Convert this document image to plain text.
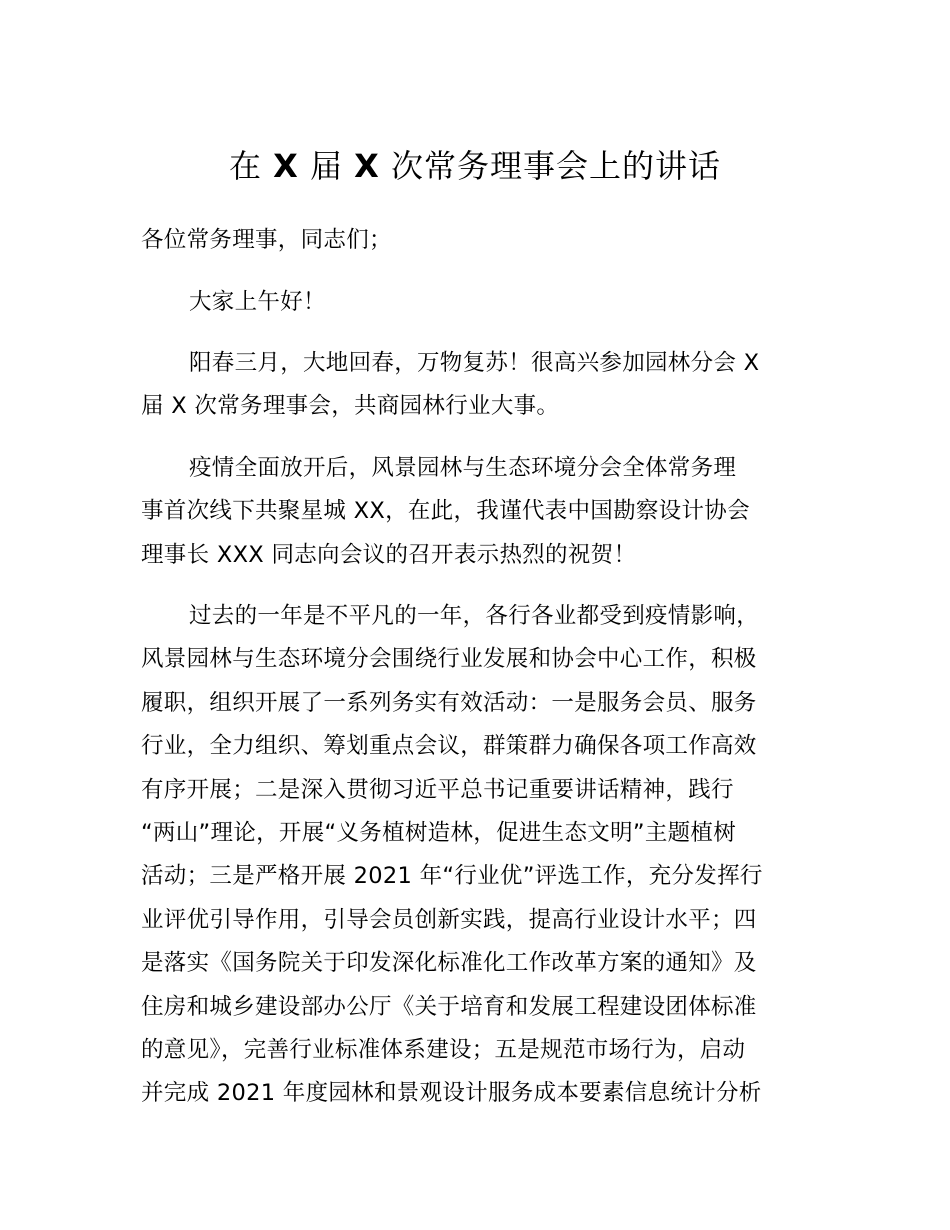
在 X 届 X 次常务理事会上的讲话

各位常务理事，同志们；

大家上午好！

阳春三月，大地回春，万物复苏！很高兴参加园林分会 X
届 X 次常务理事会，共商园林行业大事。

疫情全面放开后，风景园林与生态环境分会全体常务理
事首次线下共聚星城 XX，在此，我谨代表中国勘察设计协会
理事长 XXX 同志向会议的召开表示热烈的祝贺！

过去的一年是不平凡的一年，各行各业都受到疫情影响，
风景园林与生态环境分会围绕行业发展和协会中心工作，积极
履职，组织开展了一系列务实有效活动：一是服务会员、服务
行业，全力组织、筹划重点会议，群策群力确保各项工作高效
有序开展；二是深入贯彻习近平总书记重要讲话精神，践行
“两山”理论，开展“义务植树造林，促进生态文明”主题植树
活动；三是严格开展 2021 年“行业优”评选工作，充分发挥行
业评优引导作用，引导会员创新实践，提高行业设计水平；四
是落实《国务院关于印发深化标准化工作改革方案的通知》及
住房和城乡建设部办公厅《关于培育和发展工程建设团体标准
的意见》，完善行业标准体系建设；五是规范市场行为，启动
并完成 2021 年度园林和景观设计服务成本要素信息统计分析
